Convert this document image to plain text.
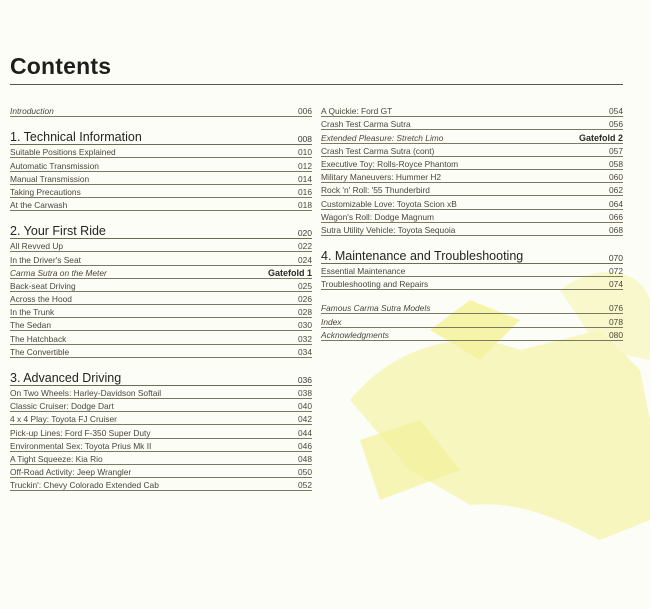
Contents
Introduction	006
1. Technical Information	008
Suitable Positions Explained	010
Automatic Transmission	012
Manual Transmission	014
Taking Precautions	016
At the Carwash	018
2. Your First Ride	020
All Revved Up	022
In the Driver's Seat	024
Carma Sutra on the Meter	Gatefold 1
Back-seat Driving	025
Across the Hood	026
In the Trunk	028
The Sedan	030
The Hatchback	032
The Convertible	034
3. Advanced Driving	036
On Two Wheels: Harley-Davidson Softail	038
Classic Cruiser: Dodge Dart	040
4 x 4 Play: Toyota FJ Cruiser	042
Pick-up Lines: Ford F-350 Super Duty	044
Environmental Sex: Toyota Prius Mk II	046
A Tight Squeeze: Kia Rio	048
Off-Road Activity: Jeep Wrangler	050
Truckin': Chevy Colorado Extended Cab	052
A Quickie: Ford GT	054
Crash Test Carma Sutra	056
Extended Pleasure: Stretch Limo	Gatefold 2
Crash Test Carma Sutra (cont)	057
Executive Toy: Rolls-Royce Phantom	058
Military Maneuvers: Hummer H2	060
Rock 'n' Roll: '55 Thunderbird	062
Customizable Love: Toyota Scion xB	064
Wagon's Roll: Dodge Magnum	066
Sutra Utility Vehicle: Toyota Sequoia	068
4. Maintenance and Troubleshooting	070
Essential Maintenance	072
Troubleshooting and Repairs	074
Famous Carma Sutra Models	076
Index	078
Acknowledgments	080
